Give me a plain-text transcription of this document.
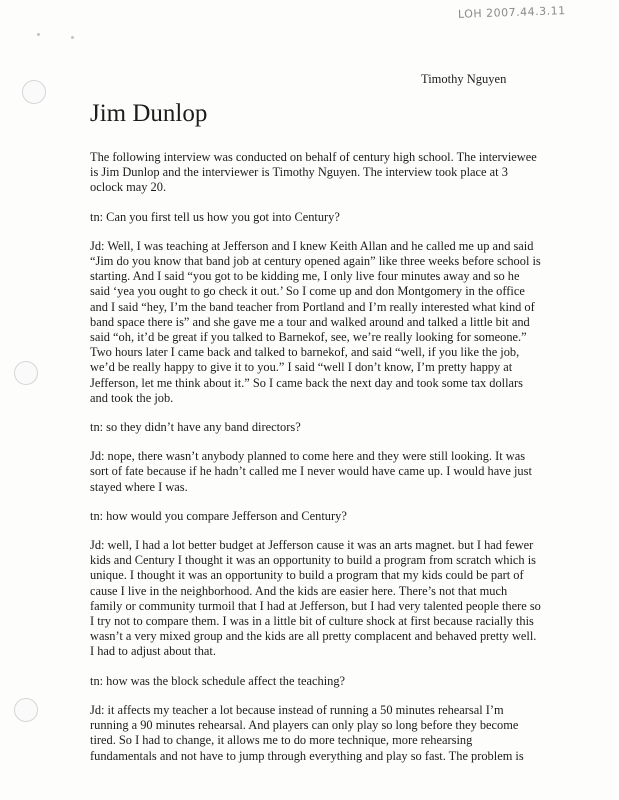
LOH 2007.44.3.11
Timothy Nguyen
Jim Dunlop

The following interview was conducted on behalf of century high school. The interviewee is Jim Dunlop and the interviewer is Timothy Nguyen. The interview took place at 3 oclock may 20.

tn: Can you first tell us how you got into Century?

Jd: Well, I was teaching at Jefferson and I knew Keith Allan and he called me up and said “Jim do you know that band job at century opened again” like three weeks before school is starting. And I said “you got to be kidding me, I only live four minutes away and so he said ‘yea you ought to go check it out.’ So I come up and don Montgomery in the office and I said “hey, I’m the band teacher from Portland and I’m really interested what kind of band space there is” and she gave me a tour and walked around and talked a little bit and said “oh, it’d be great if you talked to Barnekof, see, we’re really looking for someone.” Two hours later I came back and talked to barnekof, and said “well, if you like the job, we’d be really happy to give it to you.” I said “well I don’t know, I’m pretty happy at Jefferson, let me think about it.” So I came back the next day and took some tax dollars and took the job.

tn: so they didn’t have any band directors?

Jd: nope, there wasn’t anybody planned to come here and they were still looking. It was sort of fate because if he hadn’t called me I never would have came up. I would have just stayed where I was.

tn: how would you compare Jefferson and Century?

Jd: well, I had a lot better budget at Jefferson cause it was an arts magnet. but I had fewer kids and Century I thought it was an opportunity to build a program from scratch which is unique. I thought it was an opportunity to build a program that my kids could be part of cause I live in the neighborhood. And the kids are easier here. There’s not that much family or community turmoil that I had at Jefferson, but I had very talented people there so I try not to compare them. I was in a little bit of culture shock at first because racially this wasn’t a very mixed group and the kids are all pretty complacent and behaved pretty well. I had to adjust about that.

tn: how was the block schedule affect the teaching?

Jd: it affects my teacher a lot because instead of running a 50 minutes rehearsal I’m running a 90 minutes rehearsal. And players can only play so long before they become tired. So I had to change, it allows me to do more technique, more rehearsing fundamentals and not have to jump through everything and play so fast. The problem is
